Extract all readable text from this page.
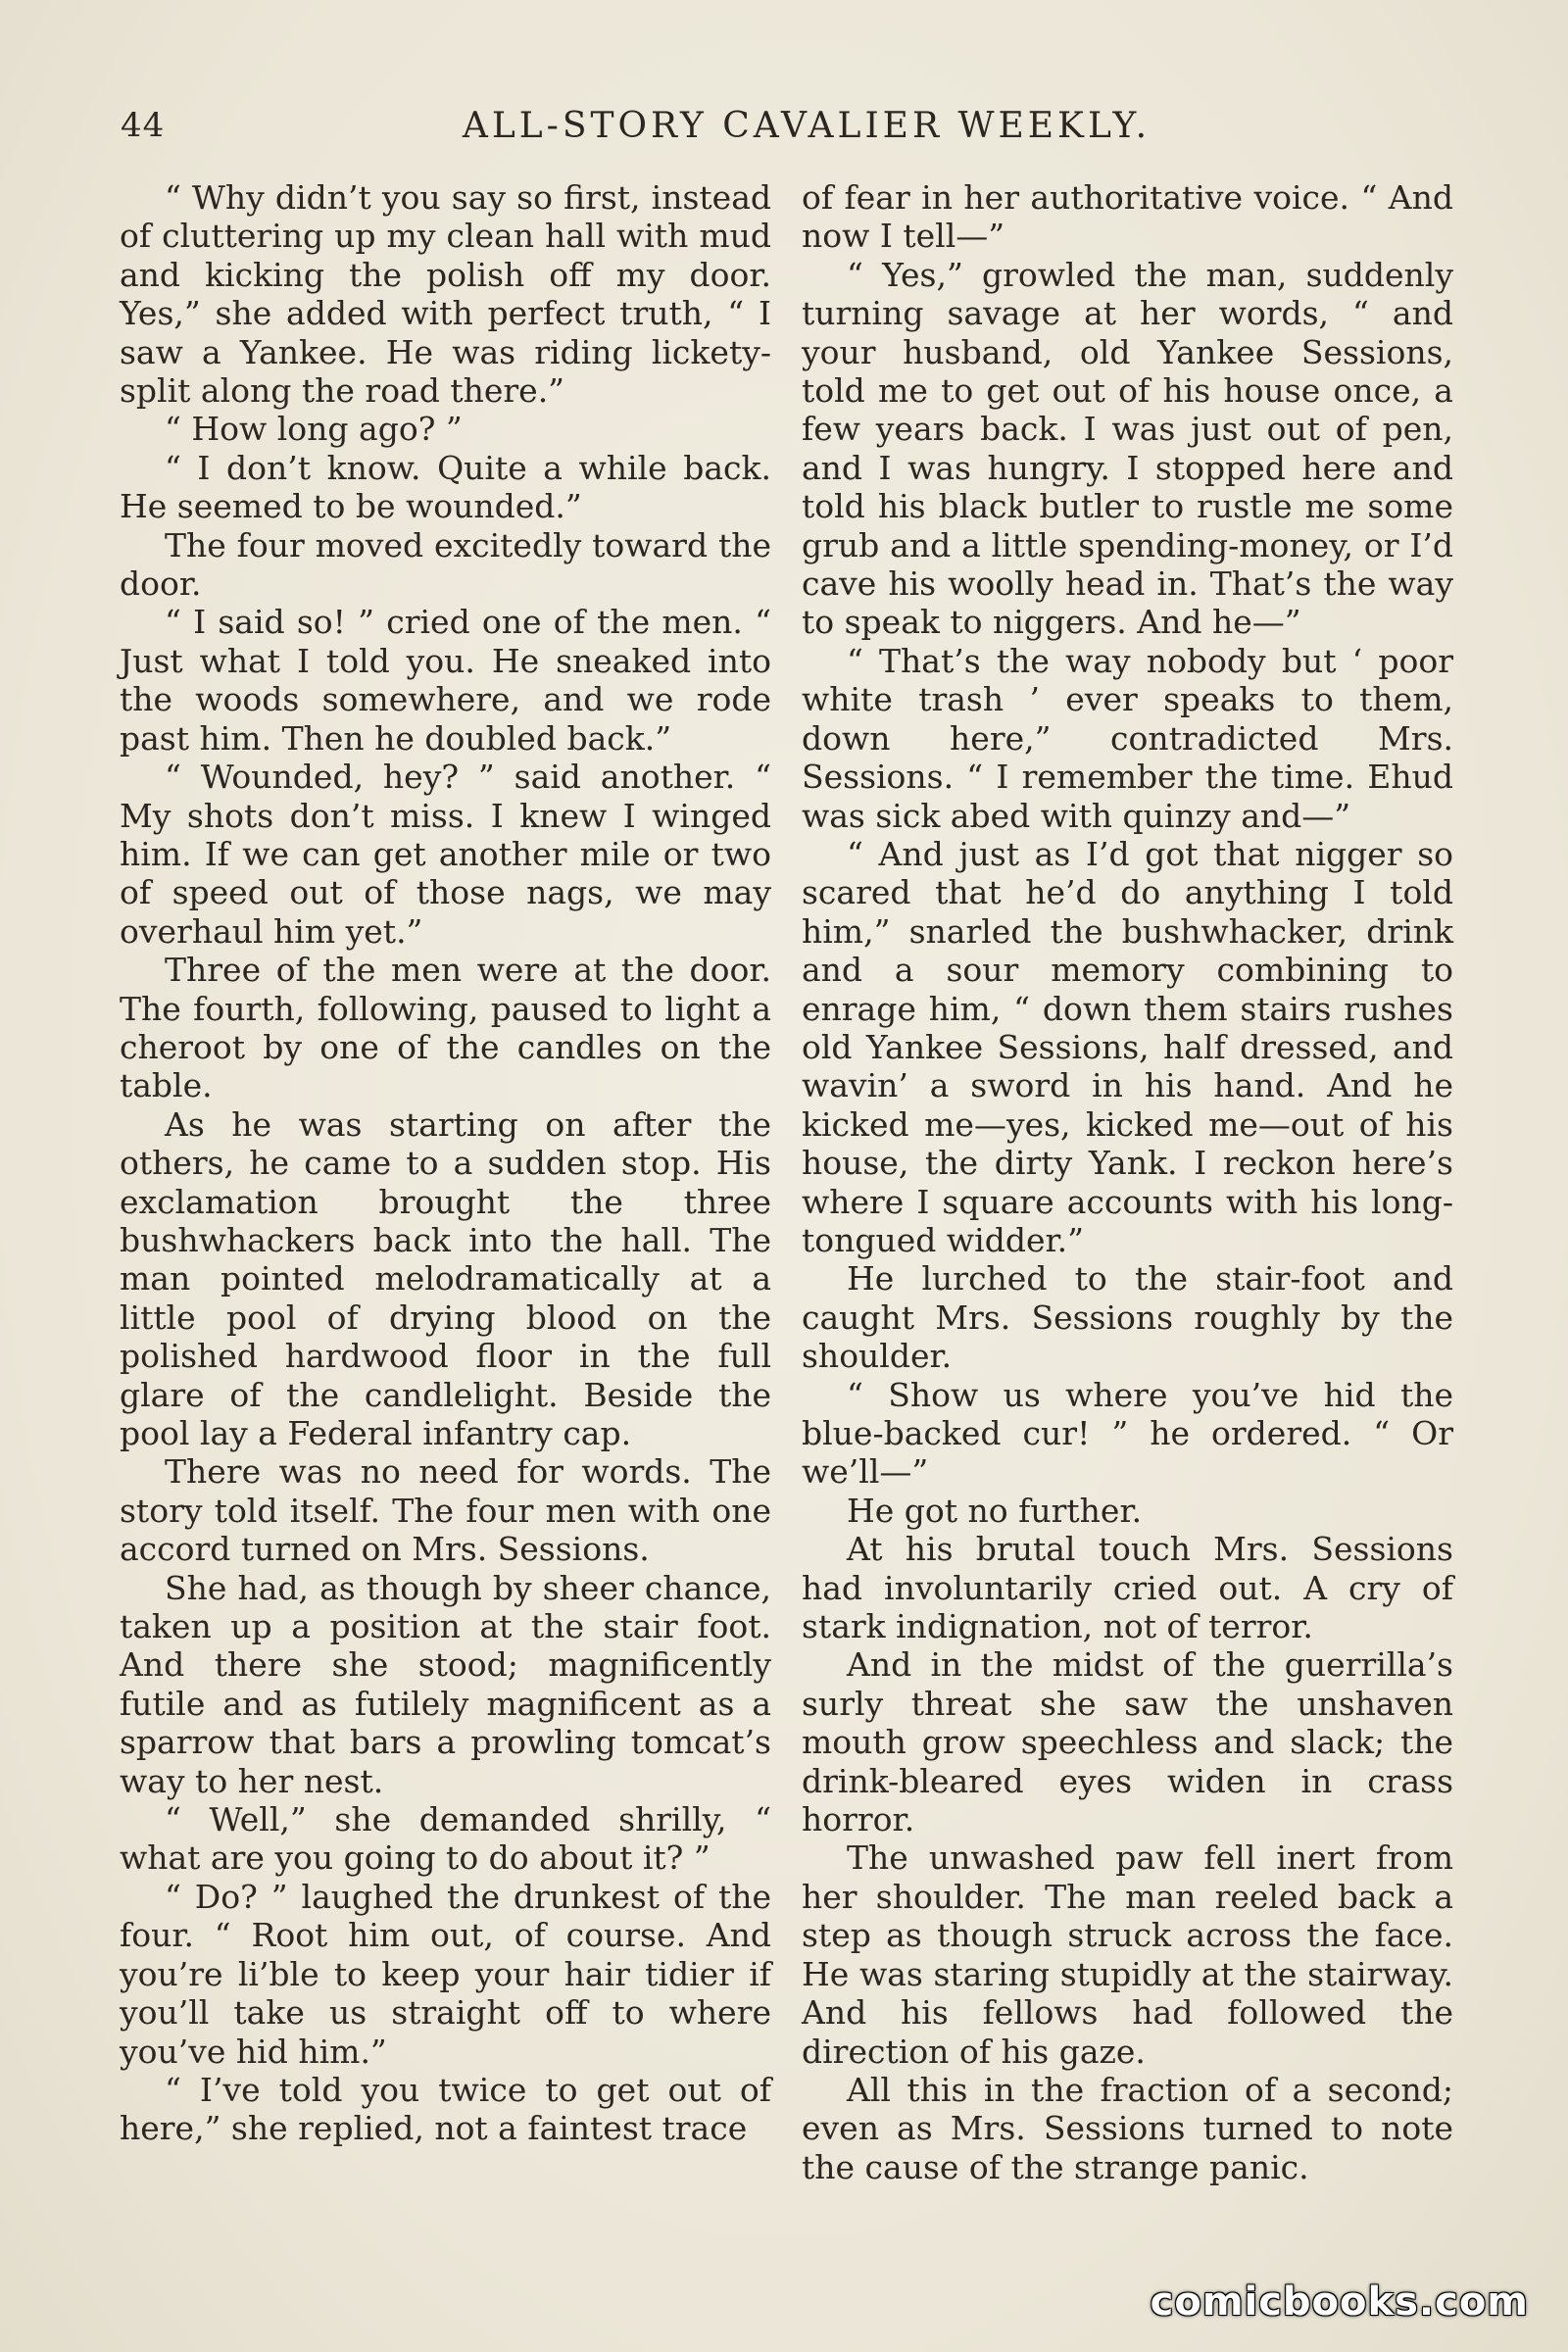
44	ALL-STORY CAVALIER WEEKLY.

“ Why didn’t you say so first, instead of cluttering up my clean hall with mud and kicking the polish off my door. Yes,” she added with perfect truth, “ I saw a Yankee. He was riding lickety-split along the road there.”

“ How long ago? ”

“ I don’t know. Quite a while back. He seemed to be wounded.”

The four moved excitedly toward the door.

“ I said so! ” cried one of the men. “ Just what I told you. He sneaked into the woods somewhere, and we rode past him. Then he doubled back.”

“ Wounded, hey? ” said another. “ My shots don’t miss. I knew I winged him. If we can get another mile or two of speed out of those nags, we may overhaul him yet.”

Three of the men were at the door. The fourth, following, paused to light a cheroot by one of the candles on the table.

As he was starting on after the others, he came to a sudden stop. His exclamation brought the three bushwhackers back into the hall. The man pointed melodramatically at a little pool of drying blood on the polished hardwood floor in the full glare of the candlelight. Beside the pool lay a Federal infantry cap.

There was no need for words. The story told itself. The four men with one accord turned on Mrs. Sessions.

She had, as though by sheer chance, taken up a position at the stair foot. And there she stood; magnificently futile and as futilely magnificent as a sparrow that bars a prowling tomcat’s way to her nest.

“ Well,” she demanded shrilly, “ what are you going to do about it? ”

“ Do? ” laughed the drunkest of the four. “ Root him out, of course. And you’re li’ble to keep your hair tidier if you’ll take us straight off to where you’ve hid him.”

“ I’ve told you twice to get out of here,” she replied, not a faintest trace

of fear in her authoritative voice. “ And now I tell—”

“ Yes,” growled the man, suddenly turning savage at her words, “ and your husband, old Yankee Sessions, told me to get out of his house once, a few years back. I was just out of pen, and I was hungry. I stopped here and told his black butler to rustle me some grub and a little spending-money, or I’d cave his woolly head in. That’s the way to speak to niggers. And he—”

“ That’s the way nobody but ‘ poor white trash ’ ever speaks to them, down here,” contradicted Mrs. Sessions. “ I remember the time. Ehud was sick abed with quinzy and—”

“ And just as I’d got that nigger so scared that he’d do anything I told him,” snarled the bushwhacker, drink and a sour memory combining to enrage him, “ down them stairs rushes old Yankee Sessions, half dressed, and wavin’ a sword in his hand. And he kicked me—yes, kicked me—out of his house, the dirty Yank. I reckon here’s where I square accounts with his long-tongued widder.”

He lurched to the stair-foot and caught Mrs. Sessions roughly by the shoulder.

“ Show us where you’ve hid the blue-backed cur! ” he ordered. “ Or we’ll—”

He got no further.

At his brutal touch Mrs. Sessions had involuntarily cried out. A cry of stark indignation, not of terror.

And in the midst of the guerrilla’s surly threat she saw the unshaven mouth grow speechless and slack; the drink-bleared eyes widen in crass horror.

The unwashed paw fell inert from her shoulder. The man reeled back a step as though struck across the face. He was staring stupidly at the stairway. And his fellows had followed the direction of his gaze.

All this in the fraction of a second; even as Mrs. Sessions turned to note the cause of the strange panic.

comicbooks.com
